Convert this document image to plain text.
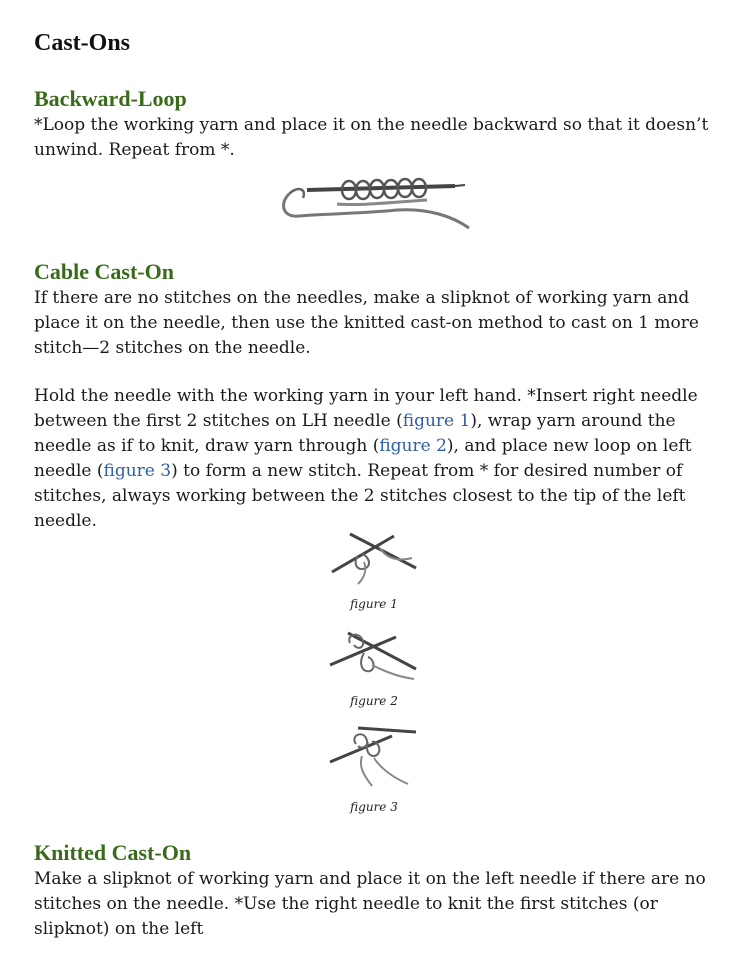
Cast-Ons
Backward-Loop

*Loop the working yarn and place it on the needle backward so that it doesn’t unwind. Repeat from *.

Cable Cast-On

If there are no stitches on the needles, make a slipknot of working yarn and place it on the needle, then use the knitted cast-on method to cast on 1 more stitch—2 stitches on the needle.

Hold the needle with the working yarn in your left hand. *Insert right needle between the first 2 stitches on LH needle (figure 1), wrap yarn around the needle as if to knit, draw yarn through (figure 2), and place new loop on left needle (figure 3) to form a new stitch. Repeat from * for desired number of stitches, always working between the 2 stitches closest to the tip of the left needle.

figure 1
figure 2
figure 3
Knitted Cast-On

Make a slipknot of working yarn and place it on the left needle if there are no stitches on the needle. *Use the right needle to knit the first stitches (or slipknot) on the left
